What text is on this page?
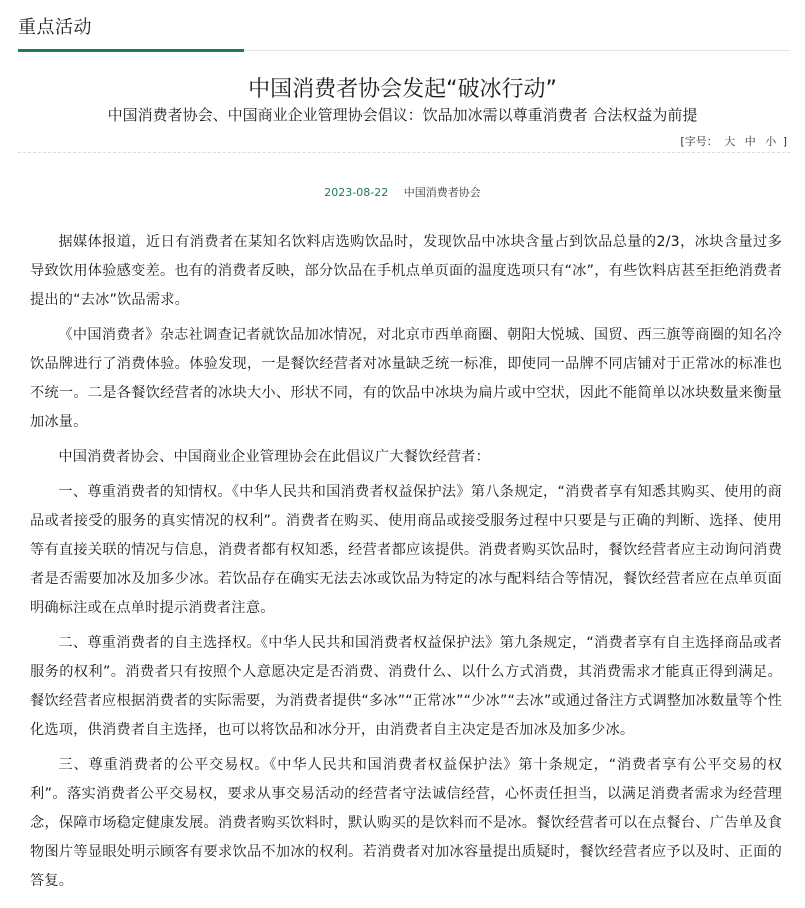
重点活动
中国消费者协会发起“破冰行动”
中国消费者协会、中国商业企业管理协会倡议：饮品加冰需以尊重消费者 合法权益为前提
[字号： 大 中 小 ]
2023-08-22 中国消费者协会

据媒体报道，近日有消费者在某知名饮料店选购饮品时，发现饮品中冰块含量占到饮品总量的2/3，冰块含量过多导致饮用体验感变差。也有的消费者反映，部分饮品在手机点单页面的温度选项只有“冰”，有些饮料店甚至拒绝消费者提出的“去冰”饮品需求。

《中国消费者》杂志社调查记者就饮品加冰情况，对北京市西单商圈、朝阳大悦城、国贸、西三旗等商圈的知名冷饮品牌进行了消费体验。体验发现，一是餐饮经营者对冰量缺乏统一标准，即使同一品牌不同店铺对于正常冰的标准也不统一。二是各餐饮经营者的冰块大小、形状不同，有的饮品中冰块为扁片或中空状，因此不能简单以冰块数量来衡量加冰量。

中国消费者协会、中国商业企业管理协会在此倡议广大餐饮经营者：

一、尊重消费者的知情权。《中华人民共和国消费者权益保护法》第八条规定，“消费者享有知悉其购买、使用的商品或者接受的服务的真实情况的权利”。消费者在购买、使用商品或接受服务过程中只要是与正确的判断、选择、使用等有直接关联的情况与信息，消费者都有权知悉，经营者都应该提供。消费者购买饮品时，餐饮经营者应主动询问消费者是否需要加冰及加多少冰。若饮品存在确实无法去冰或饮品为特定的冰与配料结合等情况，餐饮经营者应在点单页面明确标注或在点单时提示消费者注意。

二、尊重消费者的自主选择权。《中华人民共和国消费者权益保护法》第九条规定，“消费者享有自主选择商品或者服务的权利”。消费者只有按照个人意愿决定是否消费、消费什么、以什么方式消费，其消费需求才能真正得到满足。餐饮经营者应根据消费者的实际需要，为消费者提供“多冰”“正常冰”“少冰”“去冰”或通过备注方式调整加冰数量等个性化选项，供消费者自主选择，也可以将饮品和冰分开，由消费者自主决定是否加冰及加多少冰。

三、尊重消费者的公平交易权。《中华人民共和国消费者权益保护法》第十条规定，“消费者享有公平交易的权利”。落实消费者公平交易权，要求从事交易活动的经营者守法诚信经营，心怀责任担当，以满足消费者需求为经营理念，保障市场稳定健康发展。消费者购买饮料时，默认购买的是饮料而不是冰。餐饮经营者可以在点餐台、广告单及食物图片等显眼处明示顾客有要求饮品不加冰的权利。若消费者对加冰容量提出质疑时，餐饮经营者应予以及时、正面的答复。
